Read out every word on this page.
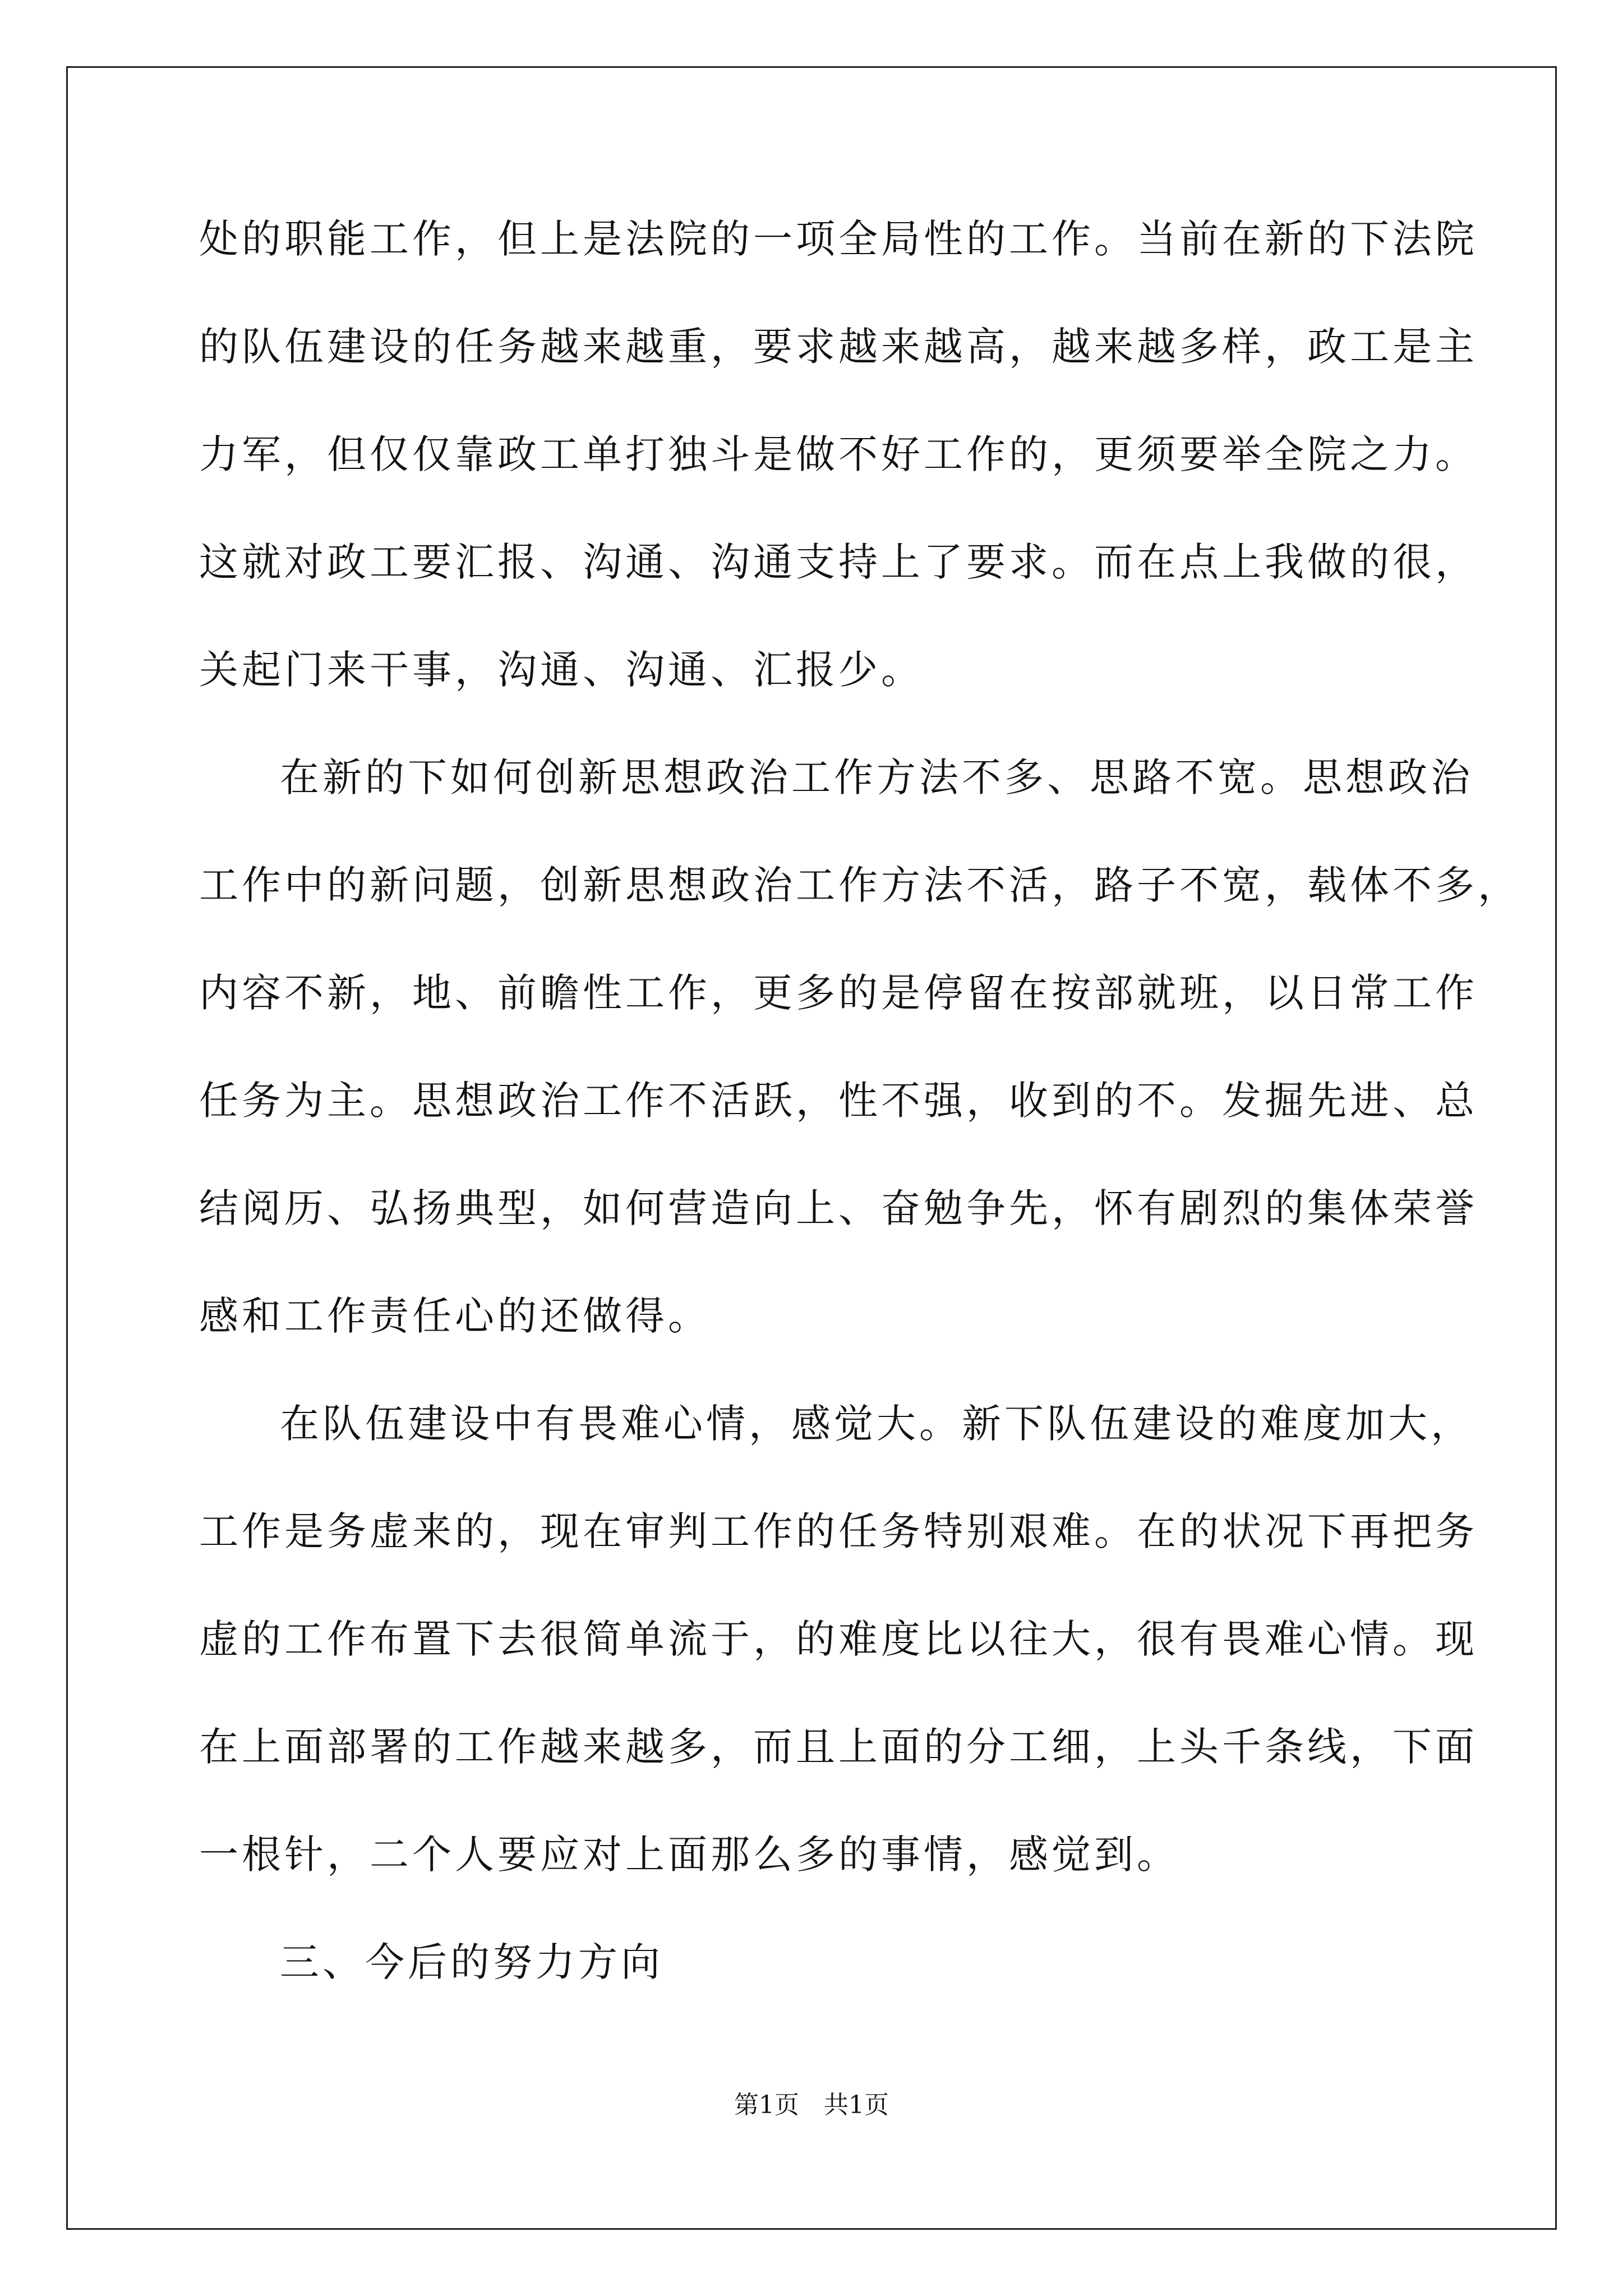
处的职能工作，但上是法院的一项全局性的工作。当前在新的下法院
的队伍建设的任务越来越重，要求越来越高，越来越多样，政工是主
力军，但仅仅靠政工单打独斗是做不好工作的，更须要举全院之力。
这就对政工要汇报、沟通、沟通支持上了要求。而在点上我做的很，
关起门来干事，沟通、沟通、汇报少。
在新的下如何创新思想政治工作方法不多、思路不宽。思想政治
工作中的新问题，创新思想政治工作方法不活，路子不宽，载体不多，
内容不新，地、前瞻性工作，更多的是停留在按部就班，以日常工作
任务为主。思想政治工作不活跃，性不强，收到的不。发掘先进、总
结阅历、弘扬典型，如何营造向上、奋勉争先，怀有剧烈的集体荣誉
感和工作责任心的还做得。
在队伍建设中有畏难心情，感觉大。新下队伍建设的难度加大，
工作是务虚来的，现在审判工作的任务特别艰难。在的状况下再把务
虚的工作布置下去很简单流于，的难度比以往大，很有畏难心情。现
在上面部署的工作越来越多，而且上面的分工细，上头千条线，下面
一根针，二个人要应对上面那么多的事情，感觉到。
三、今后的努力方向
第1页　共1页
